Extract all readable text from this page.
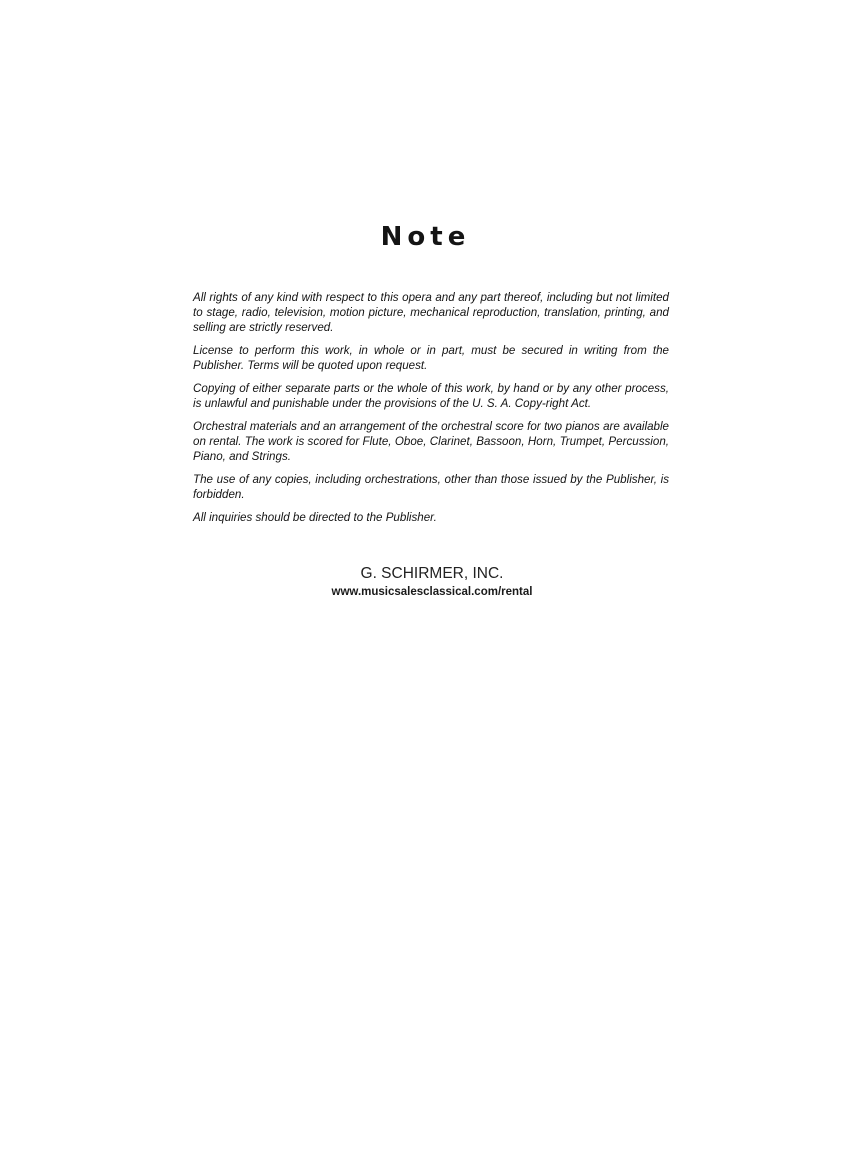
Note

All rights of any kind with respect to this opera and any part thereof, including but not limited to stage, radio, television, motion picture, mechanical reproduction, translation, printing, and selling are strictly reserved.

License to perform this work, in whole or in part, must be secured in writing from the Publisher. Terms will be quoted upon request.

Copying of either separate parts or the whole of this work, by hand or by any other process, is unlawful and punishable under the provisions of the U. S. A. Copy-right Act.

Orchestral materials and an arrangement of the orchestral score for two pianos are available on rental. The work is scored for Flute, Oboe, Clarinet, Bassoon, Horn, Trumpet, Percussion, Piano, and Strings.

The use of any copies, including orchestrations, other than those issued by the Publisher, is forbidden.

All inquiries should be directed to the Publisher.

G. SCHIRMER, INC.
www.musicsalesclassical.com/rental
